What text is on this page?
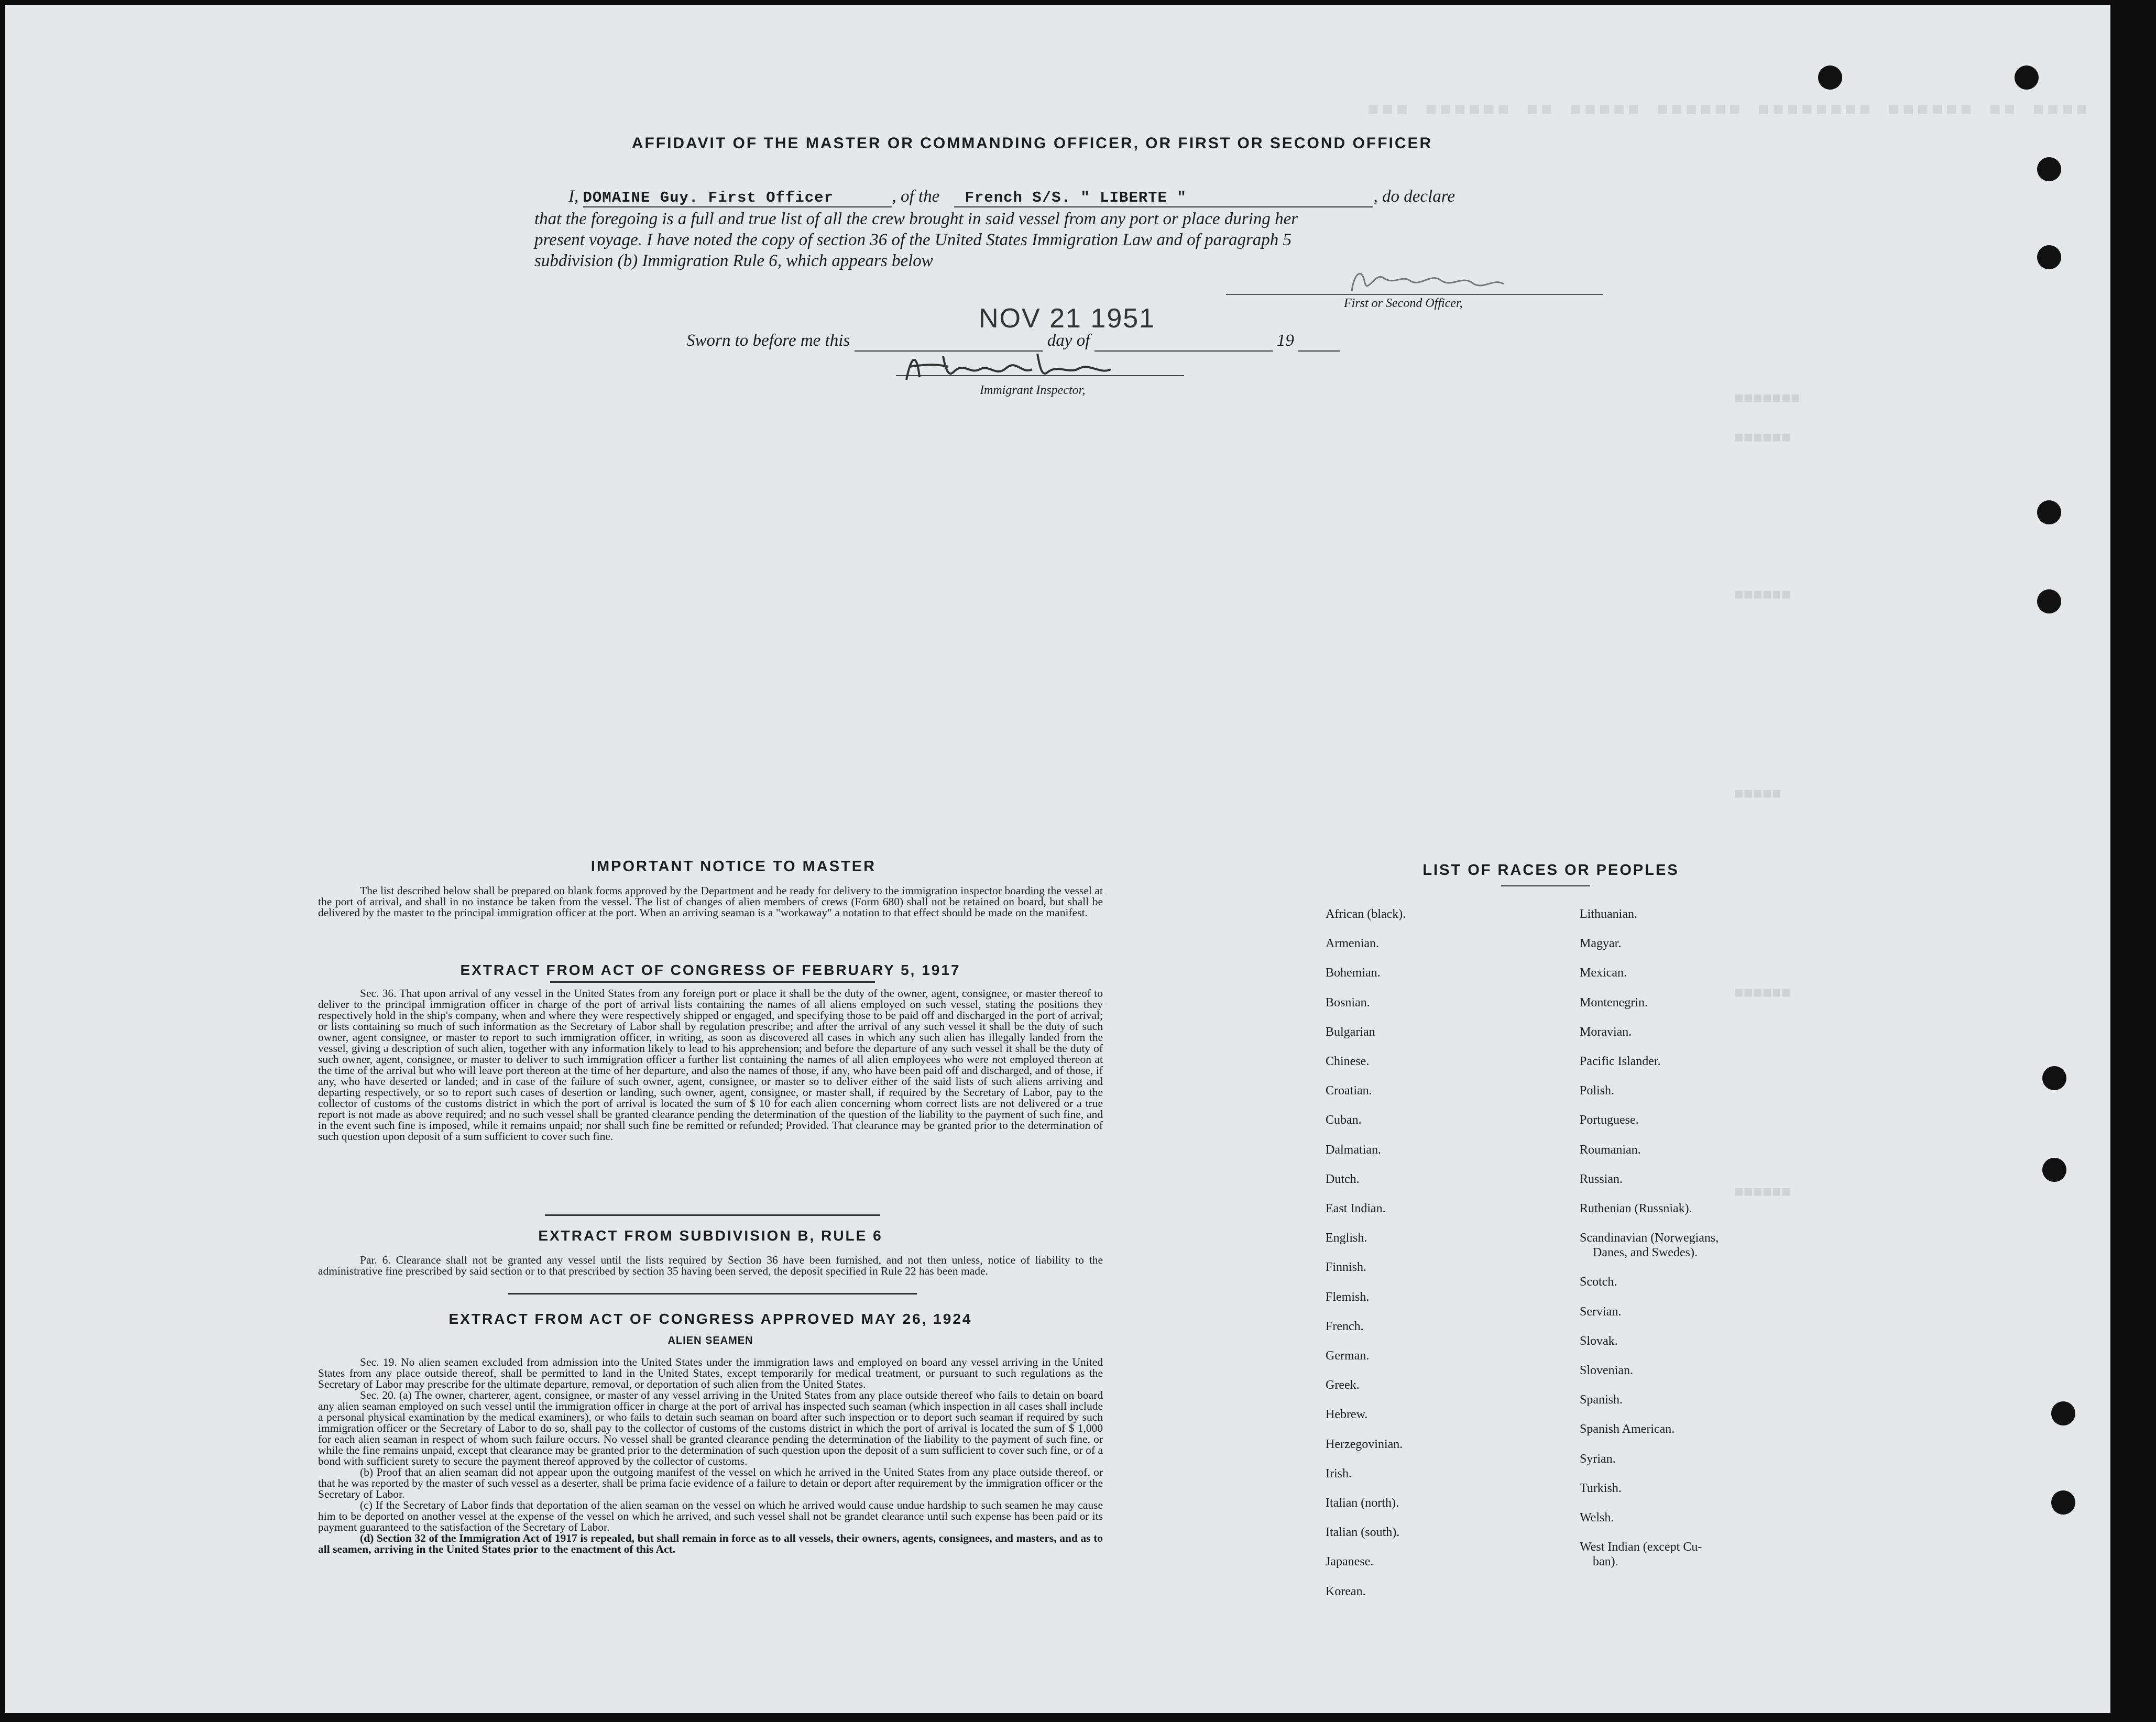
■■■ ■■■■■■ ■■ ■■■■■ ■■■■■■ ■■■■■■■■ ■■■■■■ ■■ ■■■■
■■■■■■■
■■■■■■
■■■■■■
■■■■■
■■■■■■
■■■■■■
AFFIDAVIT OF THE MASTER OR COMMANDING OFFICER, OR FIRST OR SECOND OFFICER
I, DOMAINE Guy. First Officer	, of the French S/S. " LIBERTE "	, do declare
that the foregoing is a full and true list of all the crew brought in said vessel from any port or place during her
present voyage. I have noted the copy of section 36 of the United States Immigration Law and of paragraph 5
subdivision (b) Immigration Rule 6, which appears below
First or Second Officer,
Sworn to before me this	day of	19
NOV 21 1951
Immigrant Inspector,
IMPORTANT NOTICE TO MASTER

The list described below shall be prepared on blank forms approved by the Department and be ready for delivery to the immigration inspector boarding the vessel at the port of arrival, and shall in no instance be taken from the vessel. The list of changes of alien members of crews (Form 680) shall not be retained on board, but shall be delivered by the master to the principal immigration officer at the port. When an arriving seaman is a "workaway" a notation to that effect should be made on the manifest.

EXTRACT FROM ACT OF CONGRESS OF FEBRUARY 5, 1917

Sec. 36. That upon arrival of any vessel in the United States from any foreign port or place it shall be the duty of the owner, agent, consignee, or master thereof to deliver to the principal immigration officer in charge of the port of arrival lists containing the names of all aliens employed on such vessel, stating the positions they respectively hold in the ship's company, when and where they were respectively shipped or engaged, and specifying those to be paid off and discharged in the port of arrival; or lists containing so much of such information as the Secretary of Labor shall by regulation prescribe; and after the arrival of any such vessel it shall be the duty of such owner, agent consignee, or master to report to such immigration officer, in writing, as soon as discovered all cases in which any such alien has illegally landed from the vessel, giving a description of such alien, together with any information likely to lead to his apprehension; and before the departure of any such vessel it shall be the duty of such owner, agent, consignee, or master to deliver to such immigration officer a further list containing the names of all alien employees who were not employed thereon at the time of the arrival but who will leave port thereon at the time of her departure, and also the names of those, if any, who have been paid off and discharged, and of those, if any, who have deserted or landed; and in case of the failure of such owner, agent, consignee, or master so to deliver either of the said lists of such aliens arriving and departing respectively, or so to report such cases of desertion or landing, such owner, agent, consignee, or master shall, if required by the Secretary of Labor, pay to the collector of customs of the customs district in which the port of arrival is located the sum of $ 10 for each alien concerning whom correct lists are not delivered or a true report is not made as above required; and no such vessel shall be granted clearance pending the determination of the question of the liability to the payment of such fine, and in the event such fine is imposed, while it remains unpaid; nor shall such fine be remitted or refunded; Provided. That clearance may be granted prior to the determination of such question upon deposit of a sum sufficient to cover such fine.

EXTRACT FROM SUBDIVISION B, RULE 6

Par. 6. Clearance shall not be granted any vessel until the lists required by Section 36 have been furnished, and not then unless, notice of liability to the administrative fine prescribed by said section or to that prescribed by section 35 having been served, the deposit specified in Rule 22 has been made.

EXTRACT FROM ACT OF CONGRESS APPROVED MAY 26, 1924
ALIEN SEAMEN

Sec. 19. No alien seamen excluded from admission into the United States under the immigration laws and employed on board any vessel arriving in the United States from any place outside thereof, shall be permitted to land in the United States, except temporarily for medical treatment, or pursuant to such regulations as the Secretary of Labor may prescribe for the ultimate departure, removal, or deportation of such alien from the United States.

Sec. 20. (a) The owner, charterer, agent, consignee, or master of any vessel arriving in the United States from any place outside thereof who fails to detain on board any alien seaman employed on such vessel until the immigration officer in charge at the port of arrival has inspected such seaman (which inspection in all cases shall include a personal physical examination by the medical examiners), or who fails to detain such seaman on board after such inspection or to deport such seaman if required by such immigration officer or the Secretary of Labor to do so, shall pay to the collector of customs of the customs district in which the port of arrival is located the sum of $ 1,000 for each alien seaman in respect of whom such failure occurs. No vessel shall be granted clearance pending the determination of the liability to the payment of such fine, or while the fine remains unpaid, except that clearance may be granted prior to the determination of such question upon the deposit of a sum sufficient to cover such fine, or of a bond with sufficient surety to secure the payment thereof approved by the collector of customs.

(b) Proof that an alien seaman did not appear upon the outgoing manifest of the vessel on which he arrived in the United States from any place outside thereof, or that he was reported by the master of such vessel as a deserter, shall be prima facie evidence of a failure to detain or deport after requirement by the immigration officer or the Secretary of Labor.

(c) If the Secretary of Labor finds that deportation of the alien seaman on the vessel on which he arrived would cause undue hardship to such seamen he may cause him to be deported on another vessel at the expense of the vessel on which he arrived, and such vessel shall not be grandet clearance until such expense has been paid or its payment guaranteed to the satisfaction of the Secretary of Labor.

(d) Section 32 of the Immigration Act of 1917 is repealed, but shall remain in force as to all vessels, their owners, agents, consignees, and masters, and as to all seamen, arriving in the United States prior to the enactment of this Act.

LIST OF RACES OR PEOPLES
African (black).
Armenian.
Bohemian.
Bosnian.
Bulgarian
Chinese.
Croatian.
Cuban.
Dalmatian.
Dutch.
East Indian.
English.
Finnish.
Flemish.
French.
German.
Greek.
Hebrew.
Herzegovinian.
Irish.
Italian (north).
Italian (south).
Japanese.
Korean.
Lithuanian.
Magyar.
Mexican.
Montenegrin.
Moravian.
Pacific Islander.
Polish.
Portuguese.
Roumanian.
Russian.
Ruthenian (Russniak).
Scandinavian (Norwegians,
Danes, and Swedes).
Scotch.
Servian.
Slovak.
Slovenian.
Spanish.
Spanish American.
Syrian.
Turkish.
Welsh.
West Indian (except Cu-
ban).
